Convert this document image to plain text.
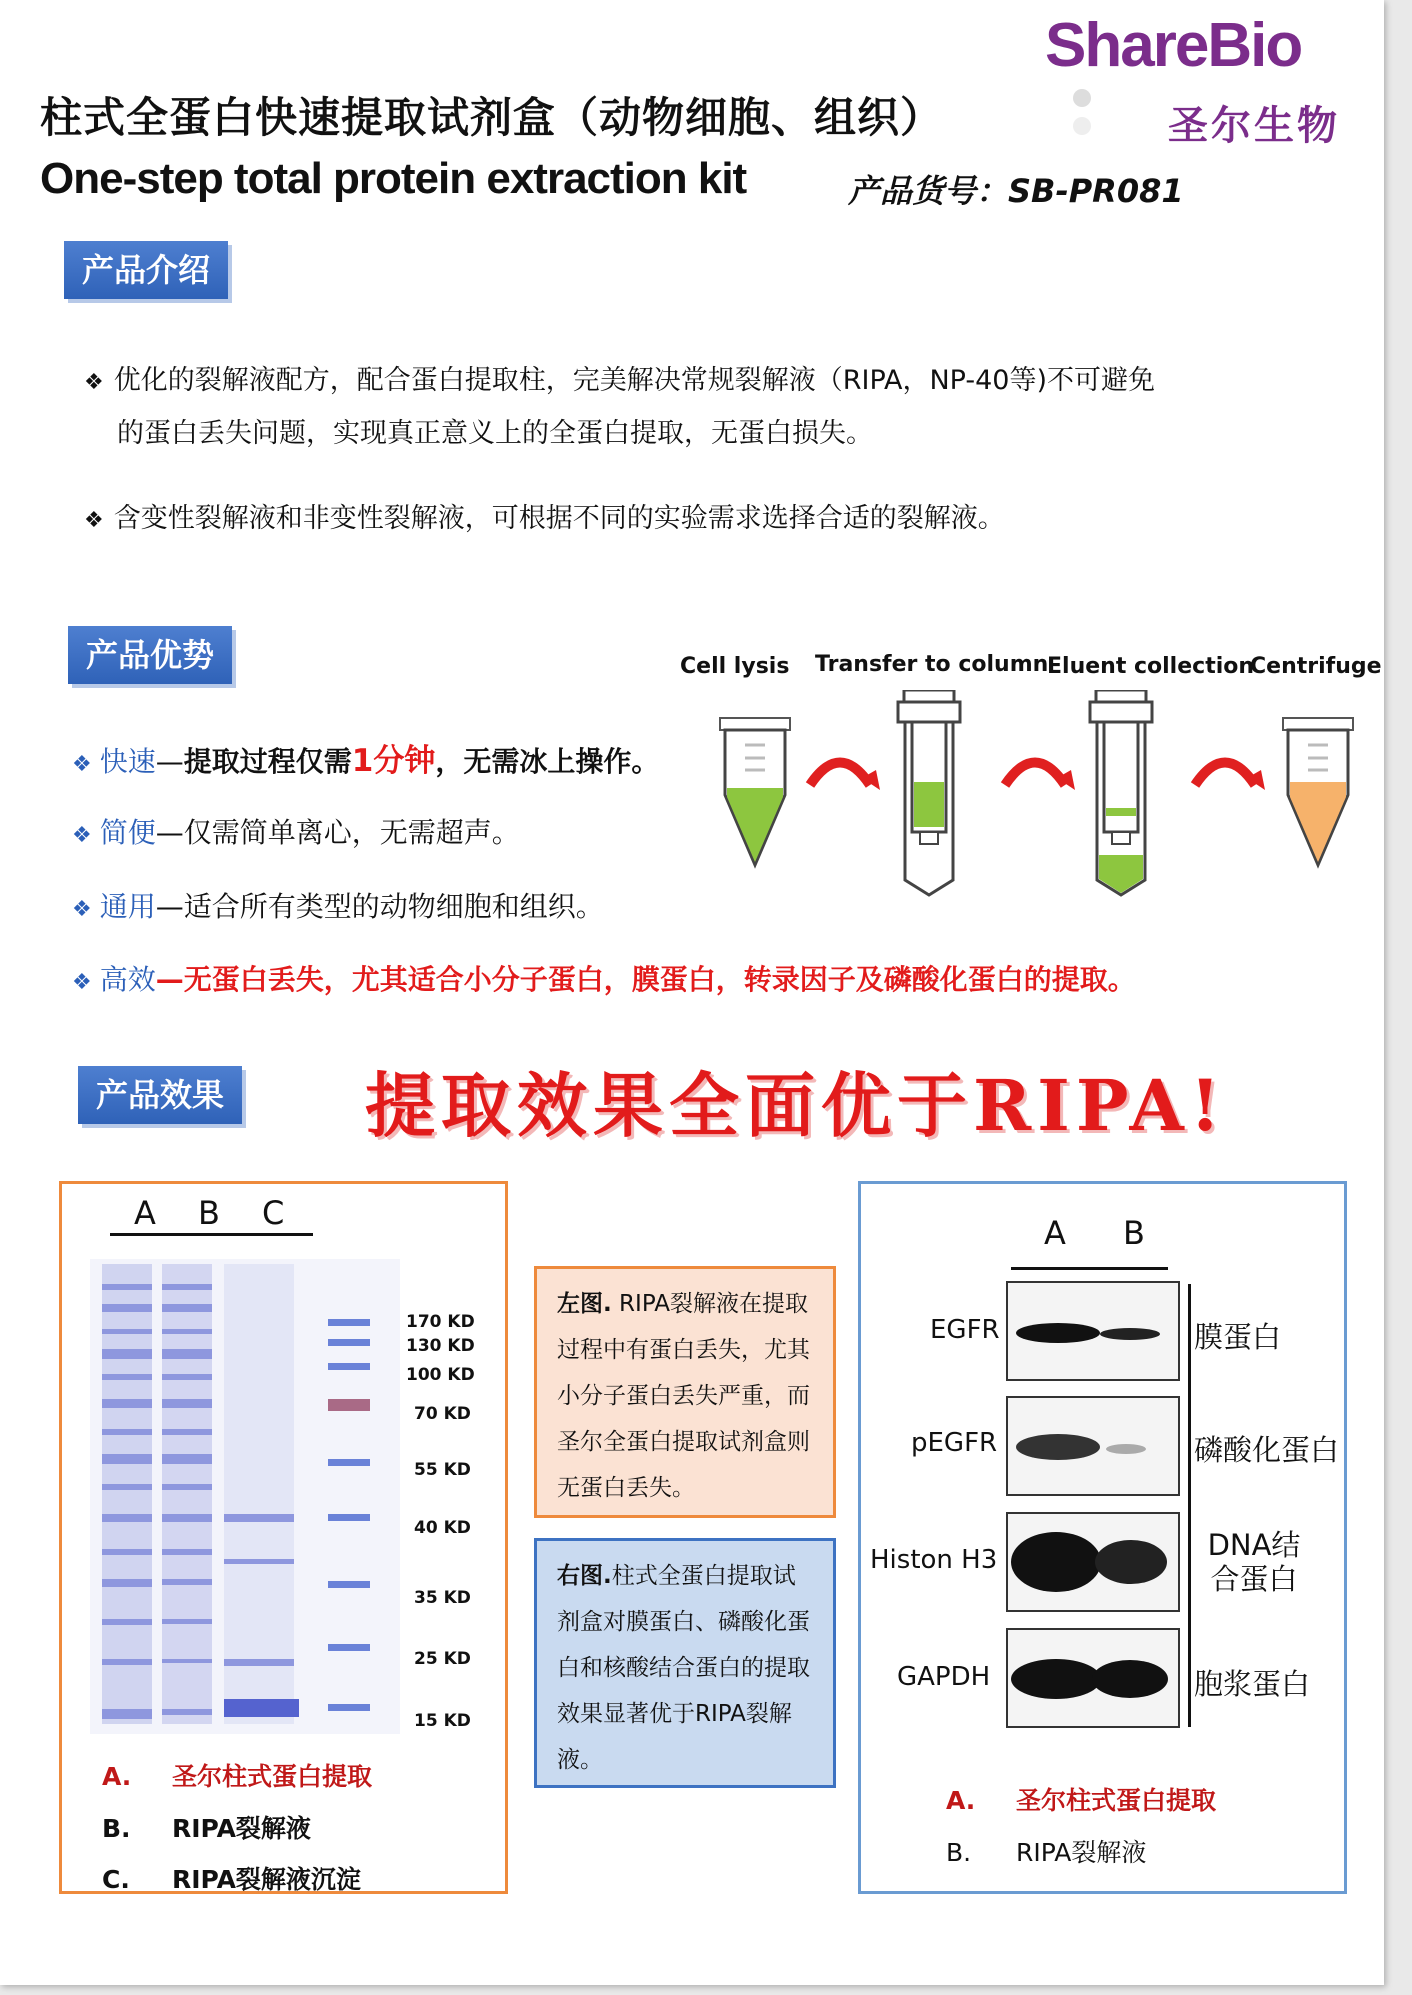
ShareBio
圣尔生物
柱式全蛋白快速提取试剂盒（动物细胞、组织）
One-step total protein extraction kit	产品货号：SB-PR081
产品介绍
❖ 优化的裂解液配方，配合蛋白提取柱，完美解决常规裂解液（RIPA，NP-40等)不可避免
的蛋白丢失问题，实现真正意义上的全蛋白提取，无蛋白损失。
❖ 含变性裂解液和非变性裂解液，可根据不同的实验需求选择合适的裂解液。
产品优势
❖ 快速—提取过程仅需1分钟，无需冰上操作。
❖ 简便—仅需简单离心，无需超声。
❖ 通用—适合所有类型的动物细胞和组织。
❖ 高效—无蛋白丢失，尤其适合小分子蛋白，膜蛋白，转录因子及磷酸化蛋白的提取。
Cell lysis Transfer to column
Eluent collection
Centrifuge
产品效果 提取效果全面优于RIPA!
A B C
170 KD
130 KD
100 KD
70 KD
55 KD
40 KD
35 KD
25 KD
15 KD
A. 圣尔柱式蛋白提取
B. RIPA裂解液
C. RIPA裂解液沉淀
左图. RIPA裂解液在提取过程中有蛋白丢失，尤其小分子蛋白丢失严重，而圣尔全蛋白提取试剂盒则无蛋白丢失。
右图.柱式全蛋白提取试剂盒对膜蛋白、磷酸化蛋白和核酸结合蛋白的提取效果显著优于RIPA裂解液。
A B
EGFR
pEGFR
Histon H3
GAPDH
膜蛋白
磷酸化蛋白
DNA结合蛋白
胞浆蛋白
A. 圣尔柱式蛋白提取
B. RIPA裂解液
